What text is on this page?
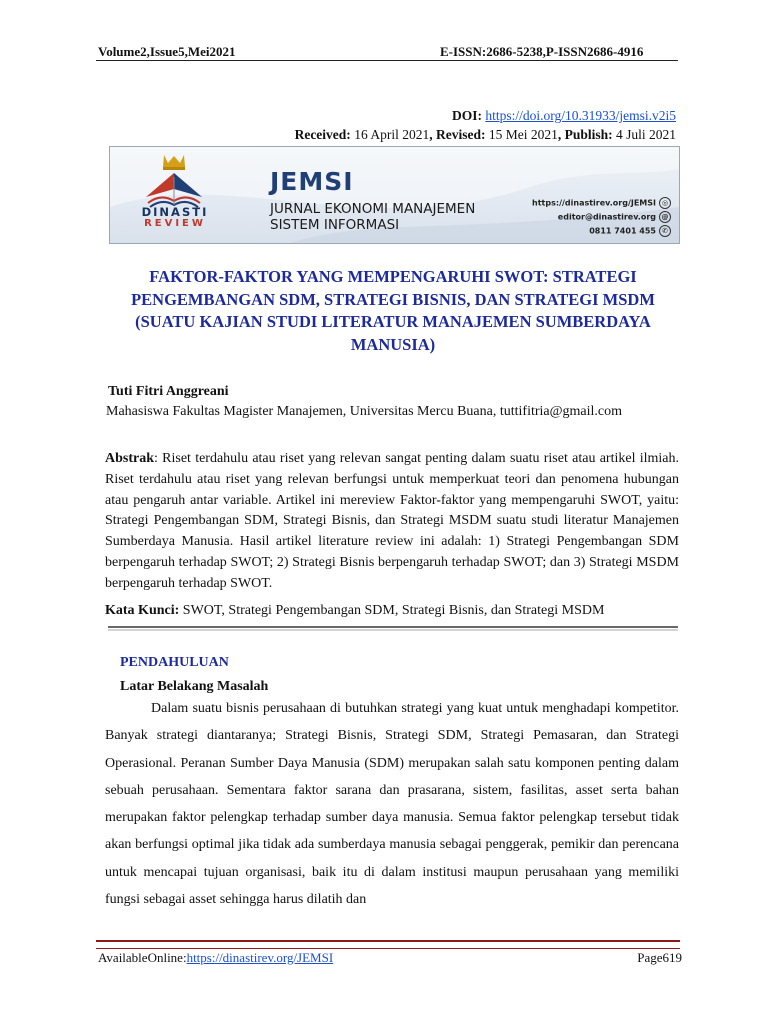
Volume2,Issue5,Mei2021	E-ISSN:2686-5238,P-ISSN2686-4916
DOI: https://doi.org/10.31933/jemsi.v2i5
Received: 16 April 2021, Revised: 15 Mei 2021, Publish: 4 Juli 2021
DINASTI
REVIEW
JEMSI
JURNAL EKONOMI MANAJEMEN
SISTEM INFORMASI
https://dinastirev.org/JEMSI ◎
editor@dinastirev.org @
0811 7401 455 ✆
FAKTOR-FAKTOR YANG MEMPENGARUHI SWOT: STRATEGI PENGEMBANGAN SDM, STRATEGI BISNIS, DAN STRATEGI MSDM (SUATU KAJIAN STUDI LITERATUR MANAJEMEN SUMBERDAYA MANUSIA)
Tuti Fitri Anggreani
Mahasiswa Fakultas Magister Manajemen, Universitas Mercu Buana, tuttifitria@gmail.com
Abstrak: Riset terdahulu atau riset yang relevan sangat penting dalam suatu riset atau artikel ilmiah. Riset terdahulu atau riset yang relevan berfungsi untuk memperkuat teori dan penomena hubungan atau pengaruh antar variable. Artikel ini mereview Faktor-faktor yang mempengaruhi SWOT, yaitu: Strategi Pengembangan SDM, Strategi Bisnis, dan Strategi MSDM suatu studi literatur Manajemen Sumberdaya Manusia. Hasil artikel literature review ini adalah: 1) Strategi Pengembangan SDM berpengaruh terhadap SWOT; 2) Strategi Bisnis berpengaruh terhadap SWOT; dan 3) Strategi MSDM berpengaruh terhadap SWOT.
Kata Kunci: SWOT, Strategi Pengembangan SDM, Strategi Bisnis, dan Strategi MSDM
PENDAHULUAN
Latar Belakang Masalah
Dalam suatu bisnis perusahaan di butuhkan strategi yang kuat untuk menghadapi kompetitor. Banyak strategi diantaranya; Strategi Bisnis, Strategi SDM, Strategi Pemasaran, dan Strategi Operasional. Peranan Sumber Daya Manusia (SDM) merupakan salah satu komponen penting dalam sebuah perusahaan. Sementara faktor sarana dan prasarana, sistem, fasilitas, asset serta bahan merupakan faktor pelengkap terhadap sumber daya manusia. Semua faktor pelengkap tersebut tidak akan berfungsi optimal jika tidak ada sumberdaya manusia sebagai penggerak, pemikir dan perencana untuk mencapai tujuan organisasi, baik itu di dalam institusi maupun perusahaan yang memiliki fungsi sebagai asset sehingga harus dilatih dan
AvailableOnline:https://dinastirev.org/JEMSI	Page619
